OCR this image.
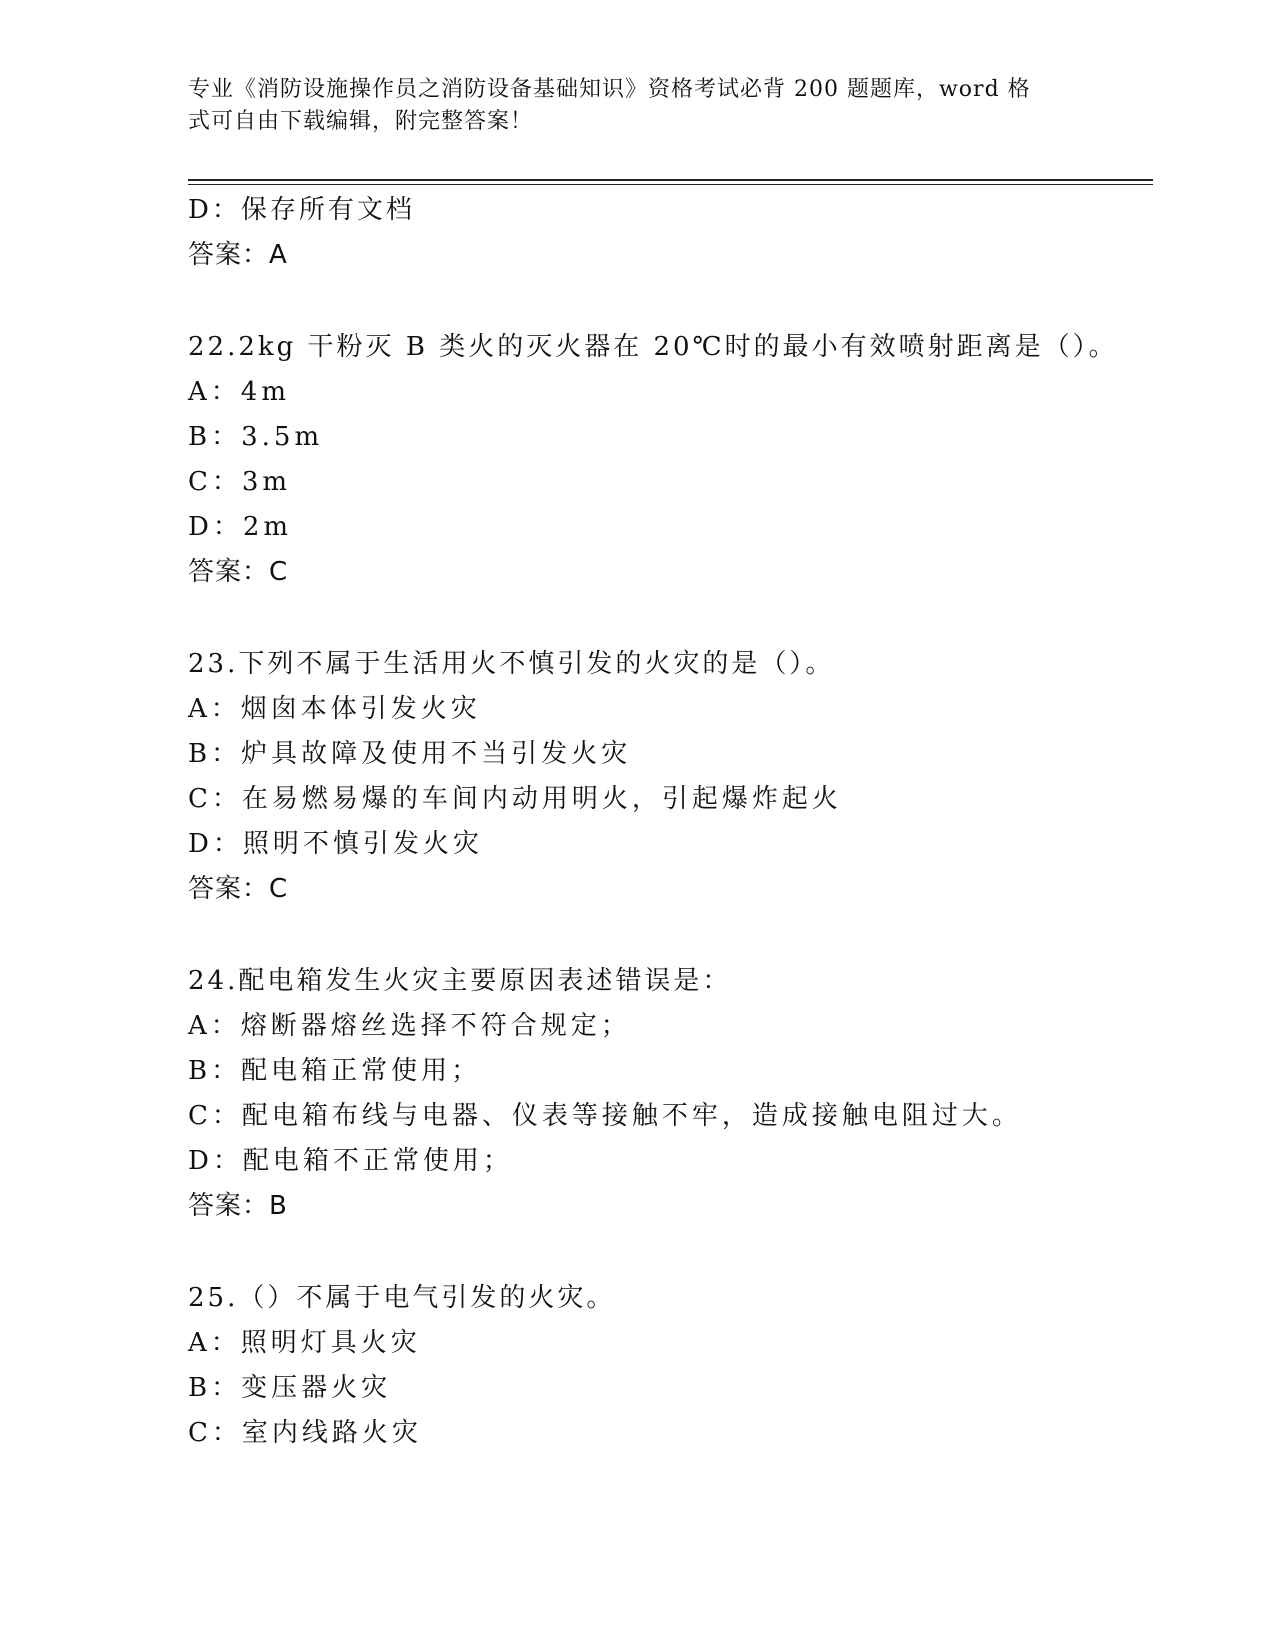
专业《消防设施操作员之消防设备基础知识》资格考试必背 200 题题库，word 格
式可自由下载编辑，附完整答案！
D：保存所有文档
答案：A
22.2kg 干粉灭 B 类火的灭火器在 20℃时的最小有效喷射距离是（）。
A：4m
B：3.5m
C：3m
D：2m
答案：C
23.下列不属于生活用火不慎引发的火灾的是（）。
A：烟囱本体引发火灾
B：炉具故障及使用不当引发火灾
C：在易燃易爆的车间内动用明火，引起爆炸起火
D：照明不慎引发火灾
答案：C
24.配电箱发生火灾主要原因表述错误是：
A：熔断器熔丝选择不符合规定；
B：配电箱正常使用；
C：配电箱布线与电器、仪表等接触不牢，造成接触电阻过大。
D：配电箱不正常使用；
答案：B
25.（）不属于电气引发的火灾。
A：照明灯具火灾
B：变压器火灾
C：室内线路火灾
